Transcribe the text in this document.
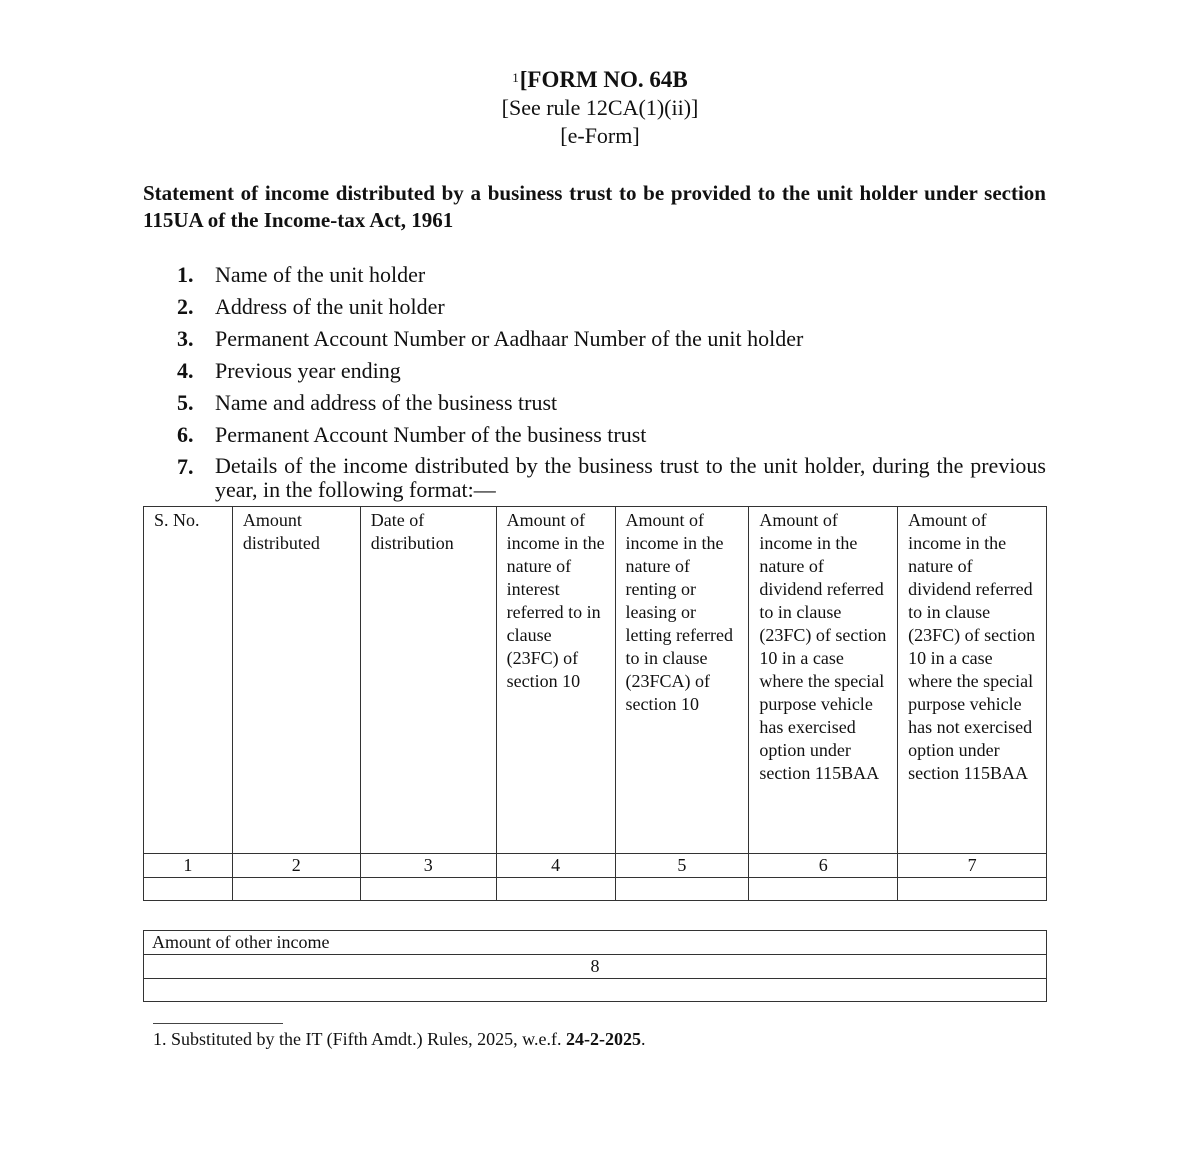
$^1$[FORM NO. 64B
[See rule 12CA(1)(ii)]
[e-Form]
Statement of income distributed by a business trust to be provided to the unit holder under section 115UA of the Income-tax Act, 1961
1. Name of the unit holder
2. Address of the unit holder
3. Permanent Account Number or Aadhaar Number of the unit holder
4. Previous year ending
5. Name and address of the business trust
6. Permanent Account Number of the business trust
7. Details of the income distributed by the business trust to the unit holder, during the previous year, in the following format:—
S. No.	Amount distributed	Date of distribution	Amount of income in the nature of interest referred to in clause (23FC) of section 10	Amount of income in the nature of renting or leasing or letting referred to in clause (23FCA) of section 10	Amount of income in the nature of dividend referred to in clause (23FC) of section 10 in a case where the special purpose vehicle has exercised option under section 115BAA	Amount of income in the nature of dividend referred to in clause (23FC) of section 10 in a case where the special purpose vehicle has not exercised option under section 115BAA
1	2	3	4	5	6	7

Amount of other income
8

1. Substituted by the IT (Fifth Amdt.) Rules, 2025, w.e.f. 24-2-2025.
